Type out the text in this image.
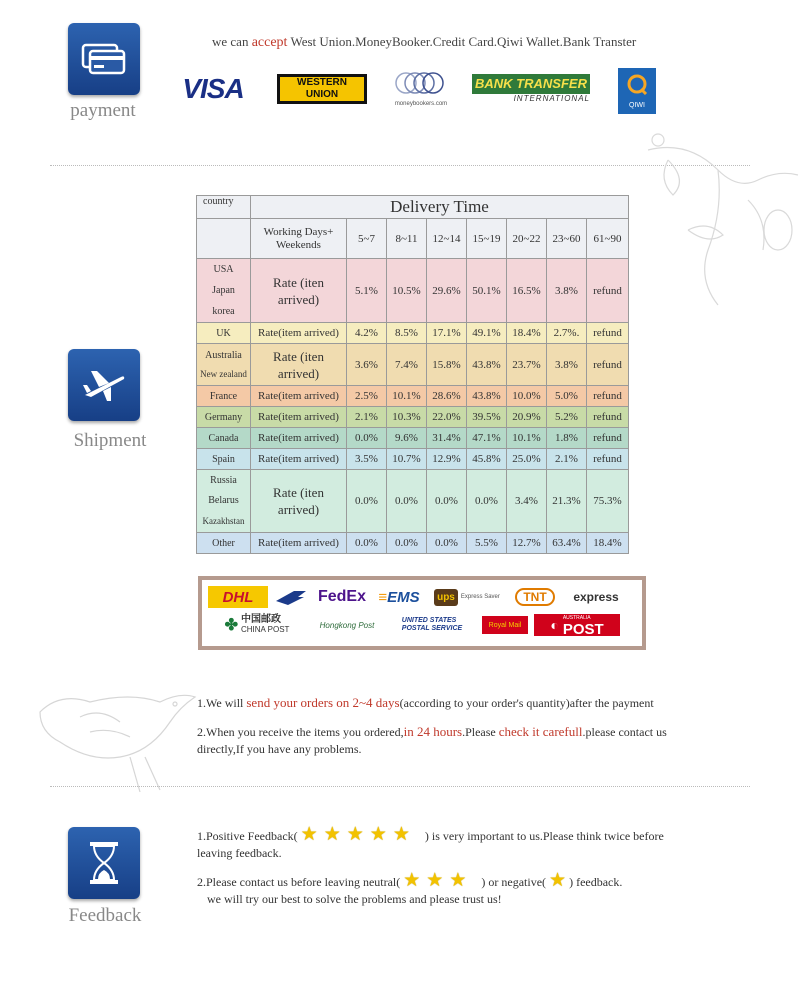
payment
we can accept West Union.MoneyBooker.Credit Card.Qiwi Wallet.Bank Transter
VISA	WESTERN
UNION
moneybookers.com
BANK TRANSFER
INTERNATIONAL
QIWI
Shipment
country	Delivery Time							
	Working Days+ Weekends	5~7	8~11	12~14	15~19	20~22	23~60	61~90

USA
Japan
korea	Rate (iten arrived)	5.1%	10.5%	29.6%	50.1%	16.5%	3.8%	refund
UK	Rate(item arrived)	4.2%	8.5%	17.1%	49.1%	18.4%	2.7%.	refund

Australia
New zealand	Rate (iten arrived)	3.6%	7.4%	15.8%	43.8%	23.7%	3.8%	refund
France	Rate(item arrived)	2.5%	10.1%	28.6%	43.8%	10.0%	5.0%	refund
Germany	Rate(item arrived)	2.1%	10.3%	22.0%	39.5%	20.9%	5.2%	refund
Canada	Rate(item arrived)	0.0%	9.6%	31.4%	47.1%	10.1%	1.8%	refund
Spain	Rate(item arrived)	3.5%	10.7%	12.9%	45.8%	25.0%	2.1%	refund

Russia
Belarus
Kazakhstan	Rate (iten arrived)	0.0%	0.0%	0.0%	0.0%	3.4%	21.3%	75.3%
Other	Rate(item arrived)	0.0%	0.0%	0.0%	5.5%	12.7%	63.4%	18.4%
DHL	FedEx ≡ EMS	ups	Express Saver	TNT	express
✤ 中国邮政
CHINA POST	Hongkong Post	UNITED STATES
POSTAL SERVICE	Royal Mail	◐ AUSTRALIA
POST
1.We will send your orders on 2~4 days(according to your order's quantity)after the payment
2.When you receive the items you ordered,in 24 hours.Please check it carefull.please contact us
directly,If you have any problems.
Feedback
1.Positive Feedback( ★★★★★ ) is very important to us.Please think twice before
leaving feedback.
2.Please contact us before leaving neutral( ★★★ ) or negative( ★ ) feedback.
we will try our best to solve the problems and please trust us!
